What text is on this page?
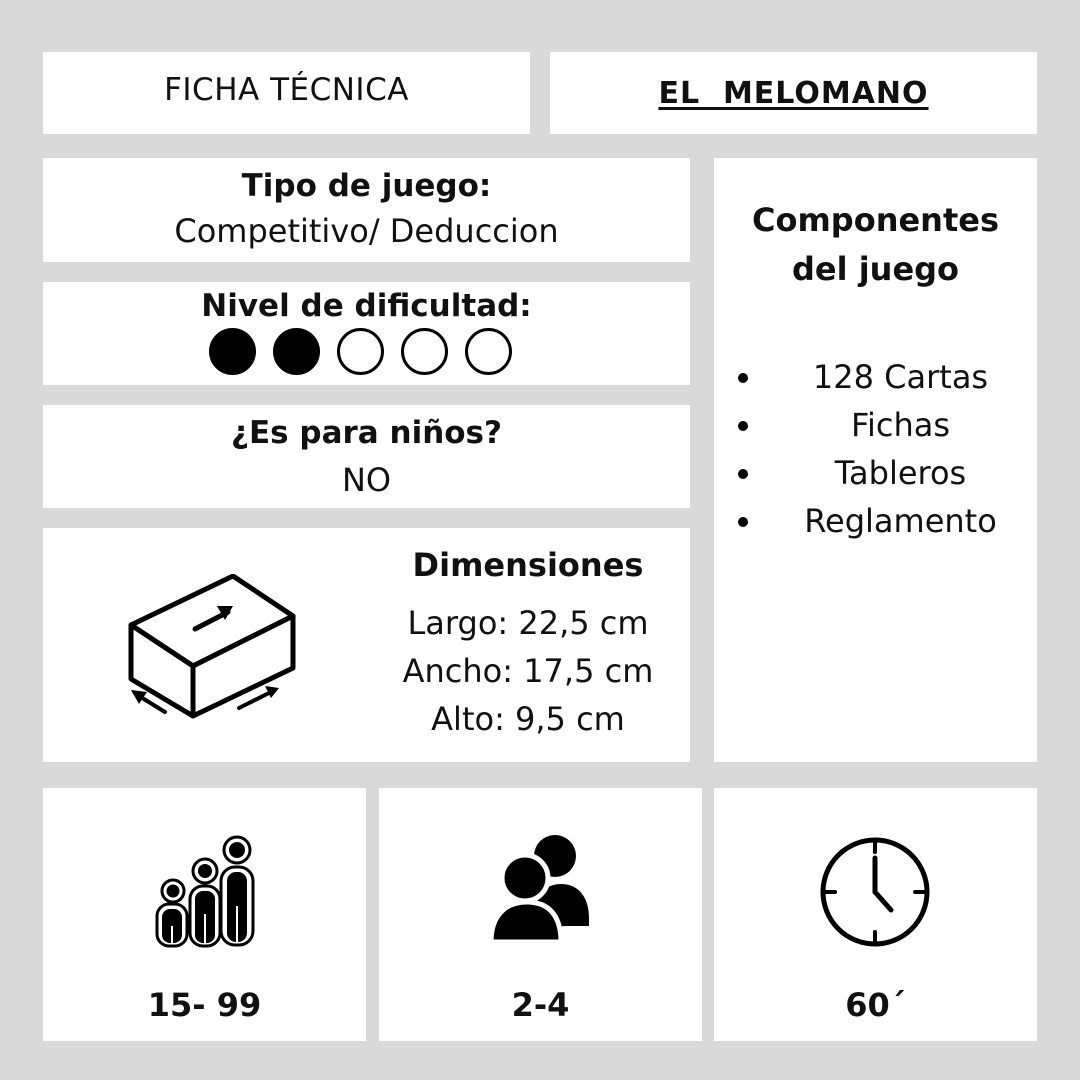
FICHA TÉCNICA	EL  MELOMANO
Tipo de juego:
Competitivo/ Deduccion
Nivel de dificultad:
¿Es para niños?
NO
Dimensiones
Largo: 22,5 cm
Ancho: 17,5 cm
Alto: 9,5 cm
Componentes
del juego
128 Cartas
Fichas
Tableros
Reglamento
15- 99	2-4	60´
